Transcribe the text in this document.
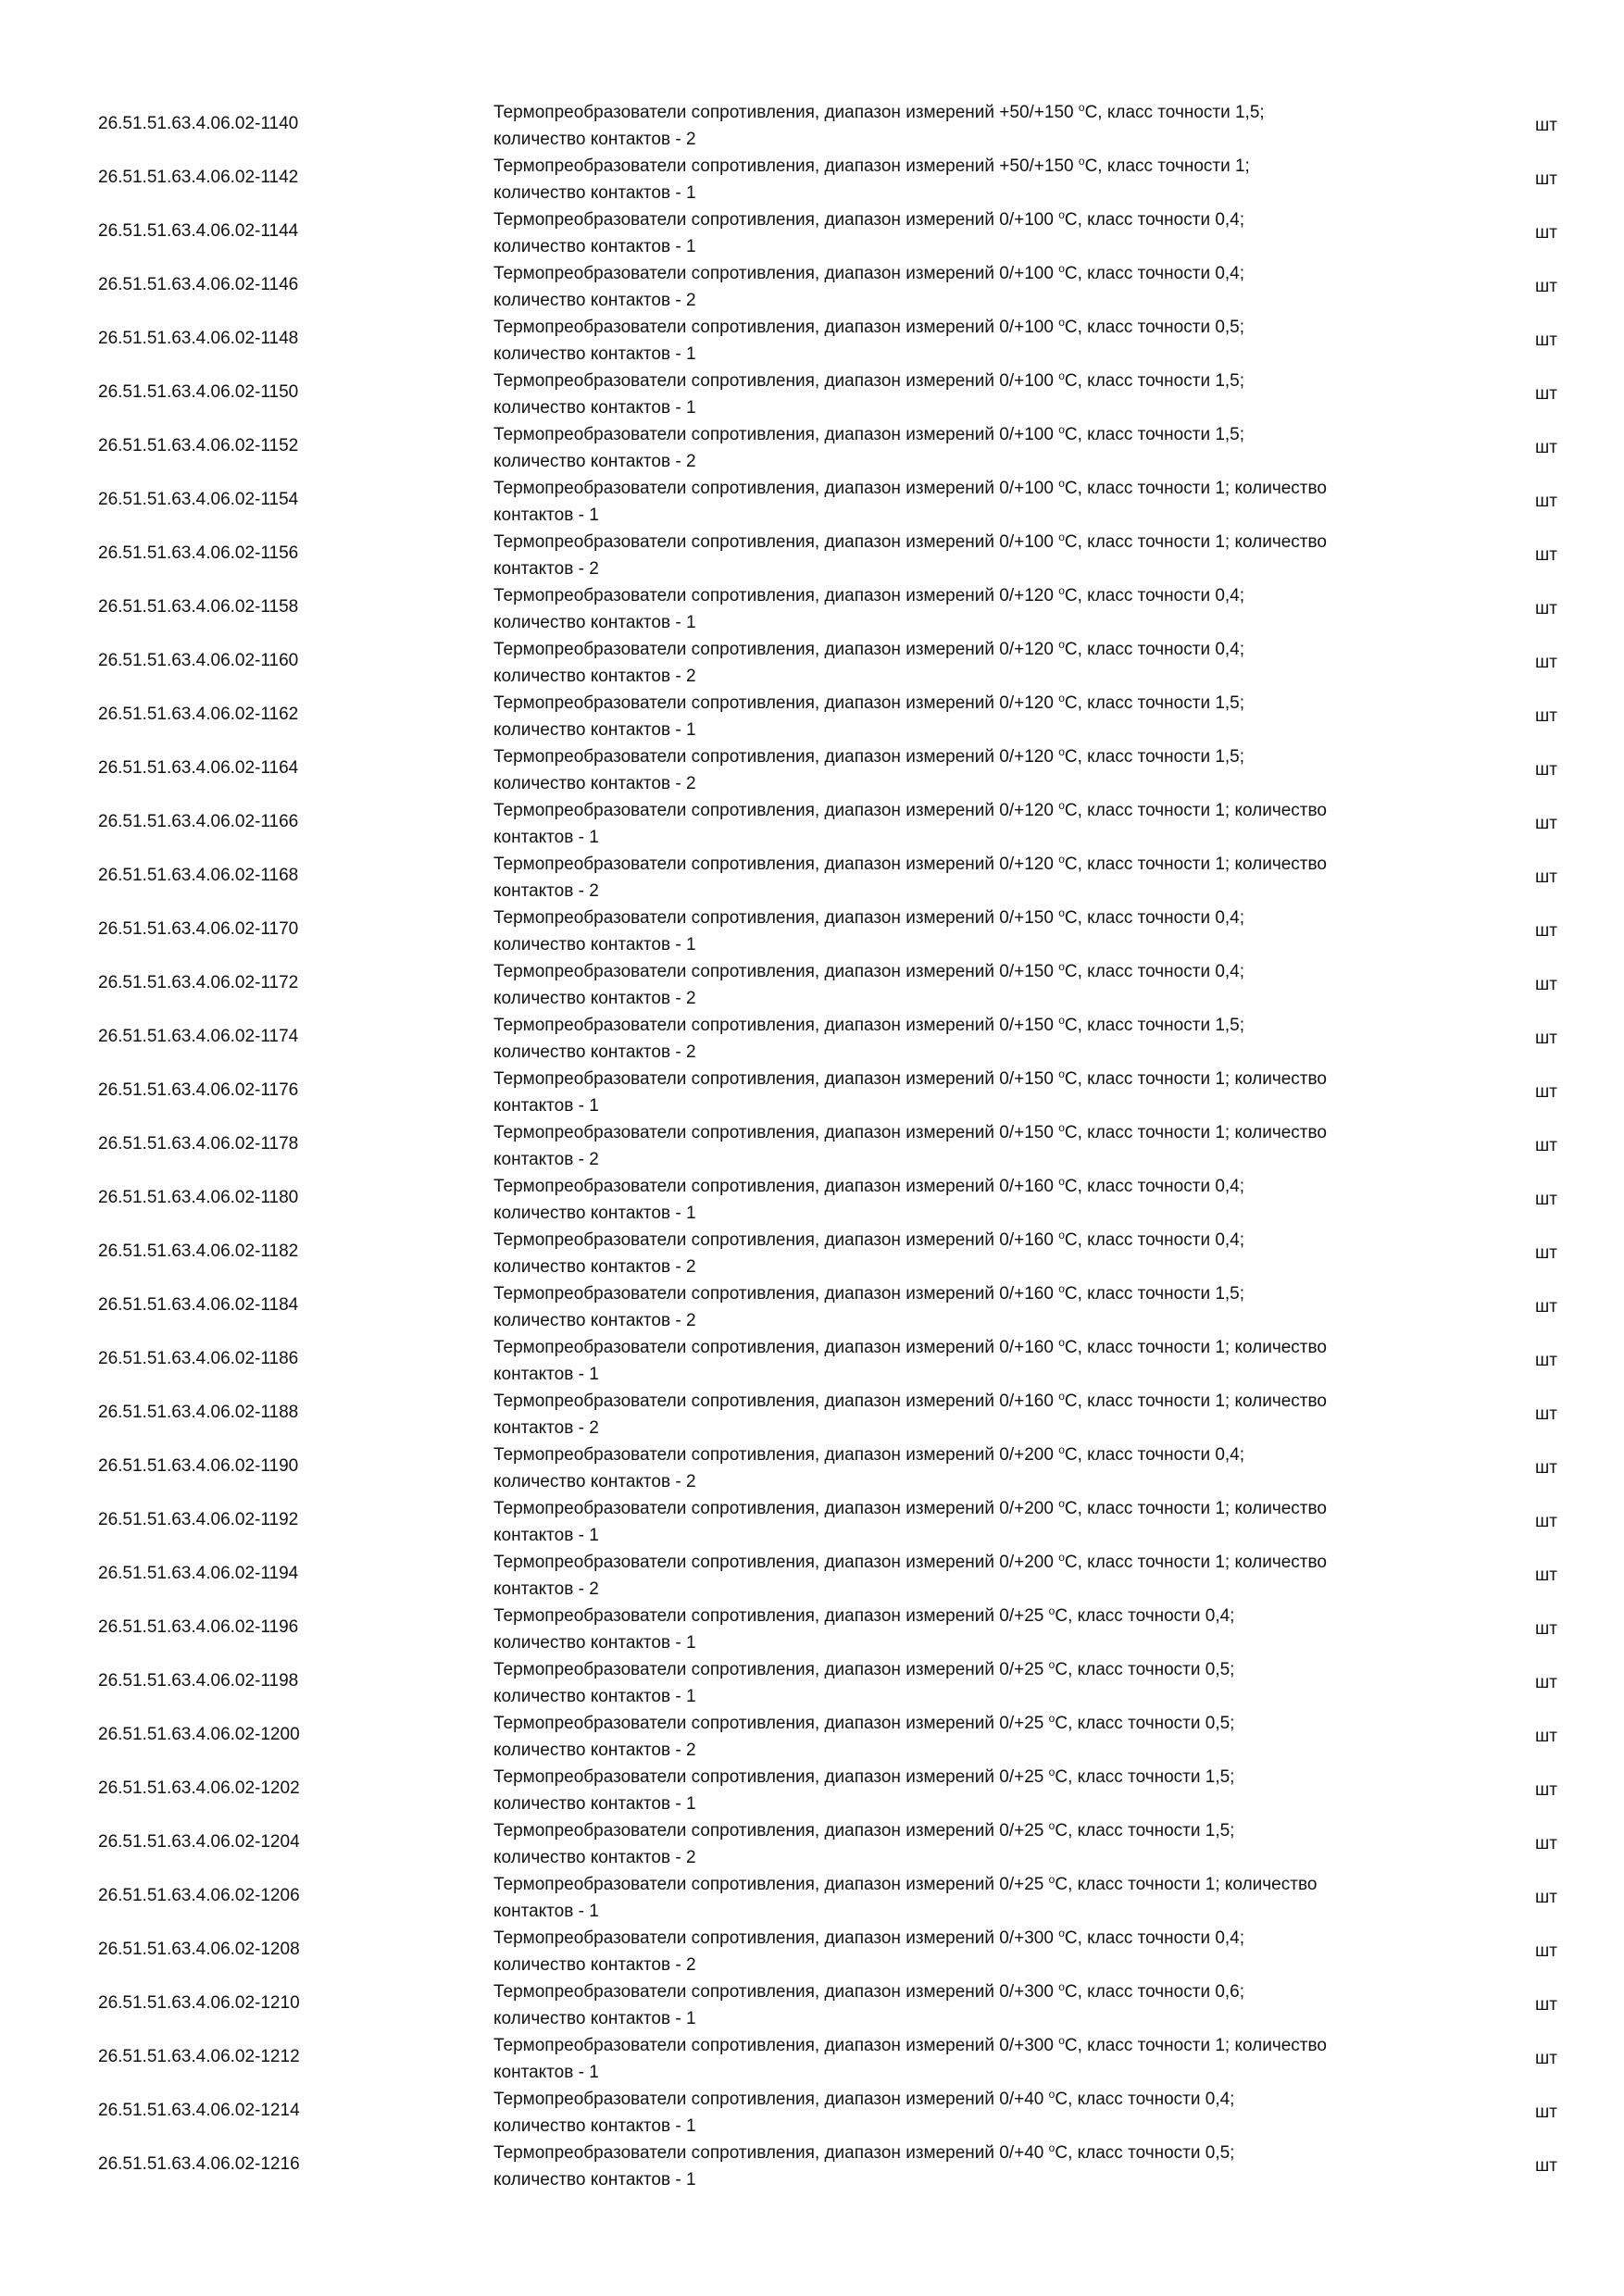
26.51.51.63.4.06.02-1140
Термопреобразователи сопротивления, диапазон измерений +50/+150 $^o$C, класс точности 1,5;
количество контактов - 2
шт
26.51.51.63.4.06.02-1142
Термопреобразователи сопротивления, диапазон измерений +50/+150 $^o$C, класс точности 1;
количество контактов - 1
шт
26.51.51.63.4.06.02-1144
Термопреобразователи сопротивления, диапазон измерений 0/+100 $^o$C, класс точности 0,4;
количество контактов - 1
шт
26.51.51.63.4.06.02-1146
Термопреобразователи сопротивления, диапазон измерений 0/+100 $^o$C, класс точности 0,4;
количество контактов - 2
шт
26.51.51.63.4.06.02-1148
Термопреобразователи сопротивления, диапазон измерений 0/+100 $^o$C, класс точности 0,5;
количество контактов - 1
шт
26.51.51.63.4.06.02-1150
Термопреобразователи сопротивления, диапазон измерений 0/+100 $^o$C, класс точности 1,5;
количество контактов - 1
шт
26.51.51.63.4.06.02-1152
Термопреобразователи сопротивления, диапазон измерений 0/+100 $^o$C, класс точности 1,5;
количество контактов - 2
шт
26.51.51.63.4.06.02-1154
Термопреобразователи сопротивления, диапазон измерений 0/+100 $^o$C, класс точности 1; количество
контактов - 1
шт
26.51.51.63.4.06.02-1156
Термопреобразователи сопротивления, диапазон измерений 0/+100 $^o$C, класс точности 1; количество
контактов - 2
шт
26.51.51.63.4.06.02-1158
Термопреобразователи сопротивления, диапазон измерений 0/+120 $^o$C, класс точности 0,4;
количество контактов - 1
шт
26.51.51.63.4.06.02-1160
Термопреобразователи сопротивления, диапазон измерений 0/+120 $^o$C, класс точности 0,4;
количество контактов - 2
шт
26.51.51.63.4.06.02-1162
Термопреобразователи сопротивления, диапазон измерений 0/+120 $^o$C, класс точности 1,5;
количество контактов - 1
шт
26.51.51.63.4.06.02-1164
Термопреобразователи сопротивления, диапазон измерений 0/+120 $^o$C, класс точности 1,5;
количество контактов - 2
шт
26.51.51.63.4.06.02-1166
Термопреобразователи сопротивления, диапазон измерений 0/+120 $^o$C, класс точности 1; количество
контактов - 1
шт
26.51.51.63.4.06.02-1168
Термопреобразователи сопротивления, диапазон измерений 0/+120 $^o$C, класс точности 1; количество
контактов - 2
шт
26.51.51.63.4.06.02-1170
Термопреобразователи сопротивления, диапазон измерений 0/+150 $^o$C, класс точности 0,4;
количество контактов - 1
шт
26.51.51.63.4.06.02-1172
Термопреобразователи сопротивления, диапазон измерений 0/+150 $^o$C, класс точности 0,4;
количество контактов - 2
шт
26.51.51.63.4.06.02-1174
Термопреобразователи сопротивления, диапазон измерений 0/+150 $^o$C, класс точности 1,5;
количество контактов - 2
шт
26.51.51.63.4.06.02-1176
Термопреобразователи сопротивления, диапазон измерений 0/+150 $^o$C, класс точности 1; количество
контактов - 1
шт
26.51.51.63.4.06.02-1178
Термопреобразователи сопротивления, диапазон измерений 0/+150 $^o$C, класс точности 1; количество
контактов - 2
шт
26.51.51.63.4.06.02-1180
Термопреобразователи сопротивления, диапазон измерений 0/+160 $^o$C, класс точности 0,4;
количество контактов - 1
шт
26.51.51.63.4.06.02-1182
Термопреобразователи сопротивления, диапазон измерений 0/+160 $^o$C, класс точности 0,4;
количество контактов - 2
шт
26.51.51.63.4.06.02-1184
Термопреобразователи сопротивления, диапазон измерений 0/+160 $^o$C, класс точности 1,5;
количество контактов - 2
шт
26.51.51.63.4.06.02-1186
Термопреобразователи сопротивления, диапазон измерений 0/+160 $^o$C, класс точности 1; количество
контактов - 1
шт
26.51.51.63.4.06.02-1188
Термопреобразователи сопротивления, диапазон измерений 0/+160 $^o$C, класс точности 1; количество
контактов - 2
шт
26.51.51.63.4.06.02-1190
Термопреобразователи сопротивления, диапазон измерений 0/+200 $^o$C, класс точности 0,4;
количество контактов - 2
шт
26.51.51.63.4.06.02-1192
Термопреобразователи сопротивления, диапазон измерений 0/+200 $^o$C, класс точности 1; количество
контактов - 1
шт
26.51.51.63.4.06.02-1194
Термопреобразователи сопротивления, диапазон измерений 0/+200 $^o$C, класс точности 1; количество
контактов - 2
шт
26.51.51.63.4.06.02-1196
Термопреобразователи сопротивления, диапазон измерений 0/+25 $^o$C, класс точности 0,4;
количество контактов - 1
шт
26.51.51.63.4.06.02-1198
Термопреобразователи сопротивления, диапазон измерений 0/+25 $^o$C, класс точности 0,5;
количество контактов - 1
шт
26.51.51.63.4.06.02-1200
Термопреобразователи сопротивления, диапазон измерений 0/+25 $^o$C, класс точности 0,5;
количество контактов - 2
шт
26.51.51.63.4.06.02-1202
Термопреобразователи сопротивления, диапазон измерений 0/+25 $^o$C, класс точности 1,5;
количество контактов - 1
шт
26.51.51.63.4.06.02-1204
Термопреобразователи сопротивления, диапазон измерений 0/+25 $^o$C, класс точности 1,5;
количество контактов - 2
шт
26.51.51.63.4.06.02-1206
Термопреобразователи сопротивления, диапазон измерений 0/+25 $^o$C, класс точности 1; количество
контактов - 1
шт
26.51.51.63.4.06.02-1208
Термопреобразователи сопротивления, диапазон измерений 0/+300 $^o$C, класс точности 0,4;
количество контактов - 2
шт
26.51.51.63.4.06.02-1210
Термопреобразователи сопротивления, диапазон измерений 0/+300 $^o$C, класс точности 0,6;
количество контактов - 1
шт
26.51.51.63.4.06.02-1212
Термопреобразователи сопротивления, диапазон измерений 0/+300 $^o$C, класс точности 1; количество
контактов - 1
шт
26.51.51.63.4.06.02-1214
Термопреобразователи сопротивления, диапазон измерений 0/+40 $^o$C, класс точности 0,4;
количество контактов - 1
шт
26.51.51.63.4.06.02-1216
Термопреобразователи сопротивления, диапазон измерений 0/+40 $^o$C, класс точности 0,5;
количество контактов - 1
шт
